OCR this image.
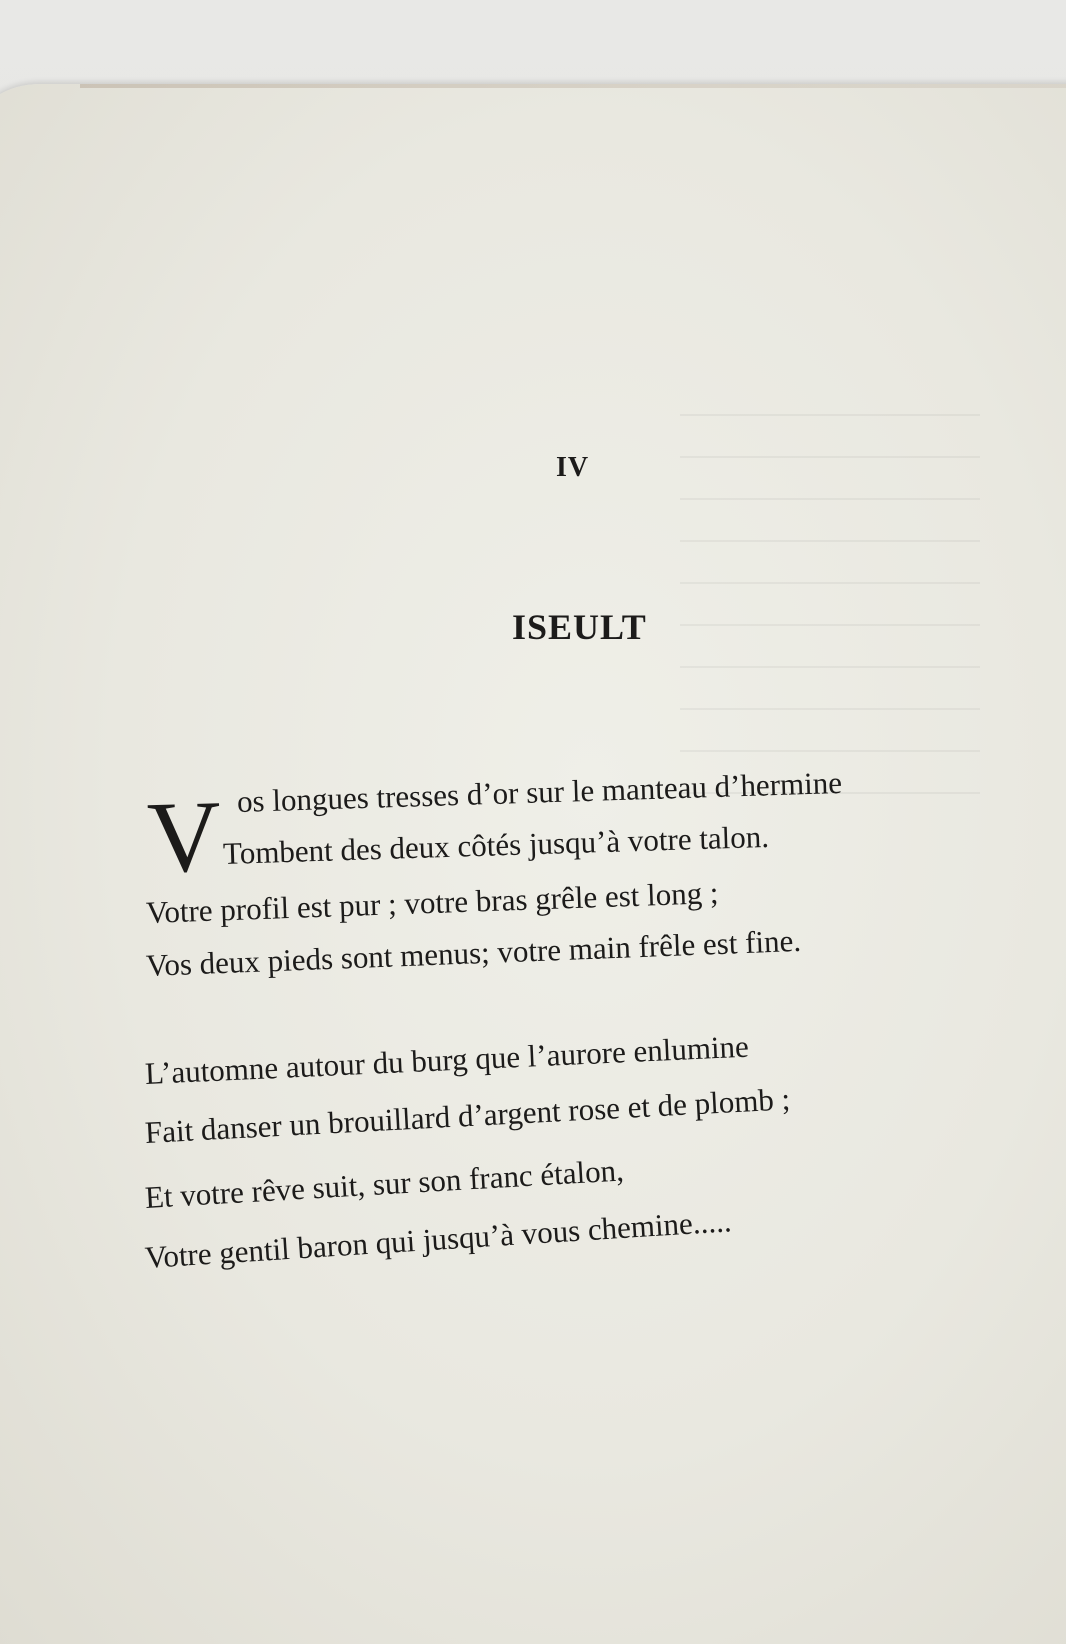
IV
ISEULT
V os longues tresses d’or sur le manteau d’hermine
Tombent des deux côtés jusqu’à votre talon.
Votre profil est pur ; votre bras grêle est long ;
Vos deux pieds sont menus; votre main frêle est fine.
L’automne autour du burg que l’aurore enlumine
Fait danser un brouillard d’argent rose et de plomb ;
Et votre rêve suit, sur son franc étalon,
Votre gentil baron qui jusqu’à vous chemine.....
